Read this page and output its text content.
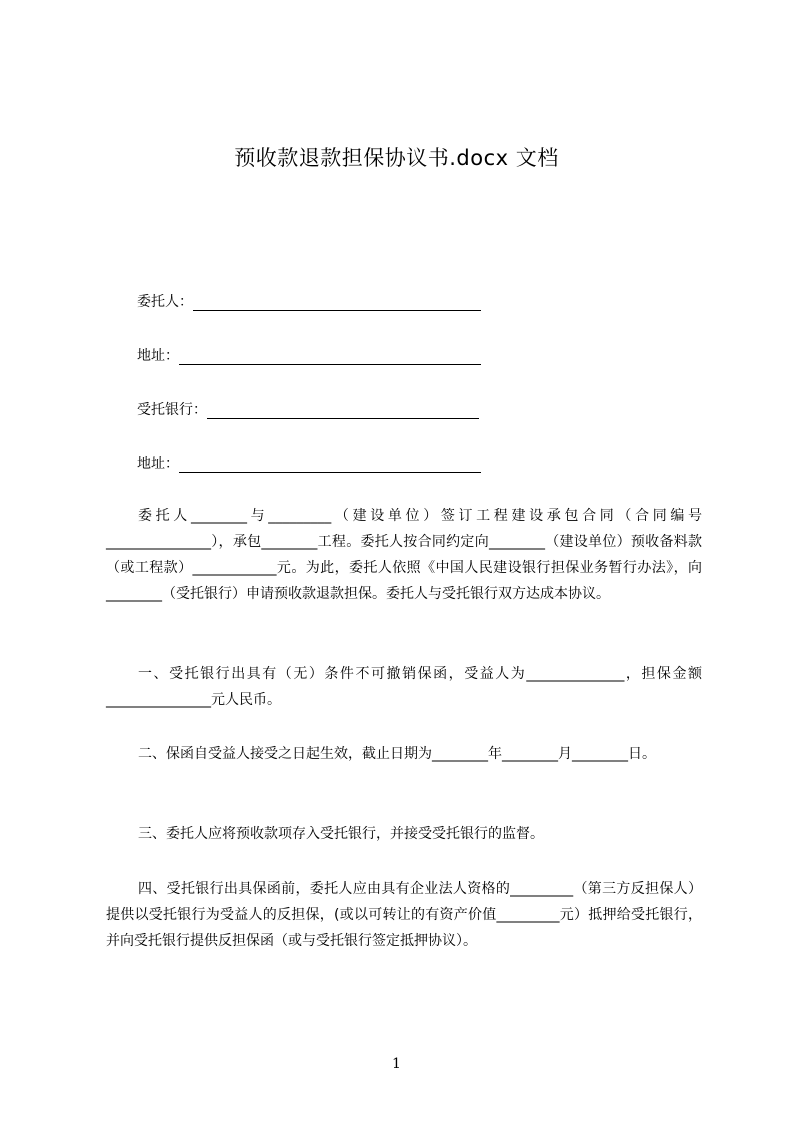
预收款退款担保协议书.docx 文档
委托人：
地址：
受托银行：
地址：

委托人________与_________（建设单位）签订工程建设承包合同（合同编号_______________），承包________工程。委托人按合同约定向________（建设单位）预收备料款（或工程款）____________元。为此，委托人依照《中国人民建设银行担保业务暂行办法》，向________（受托银行）申请预收款退款担保。委托人与受托银行双方达成本协议。

一、受托银行出具有（无）条件不可撤销保函，受益人为______________，担保金额_______________元人民币。

二、保函自受益人接受之日起生效，截止日期为________年________月________日。

三、委托人应将预收款项存入受托银行，并接受受托银行的监督。

四、受托银行出具保函前，委托人应由具有企业法人资格的_________（第三方反担保人）提供以受托银行为受益人的反担保，(或以可转让的有资产价值_________元）抵押给受托银行，并向受托银行提供反担保函（或与受托银行签定抵押协议）。

1
